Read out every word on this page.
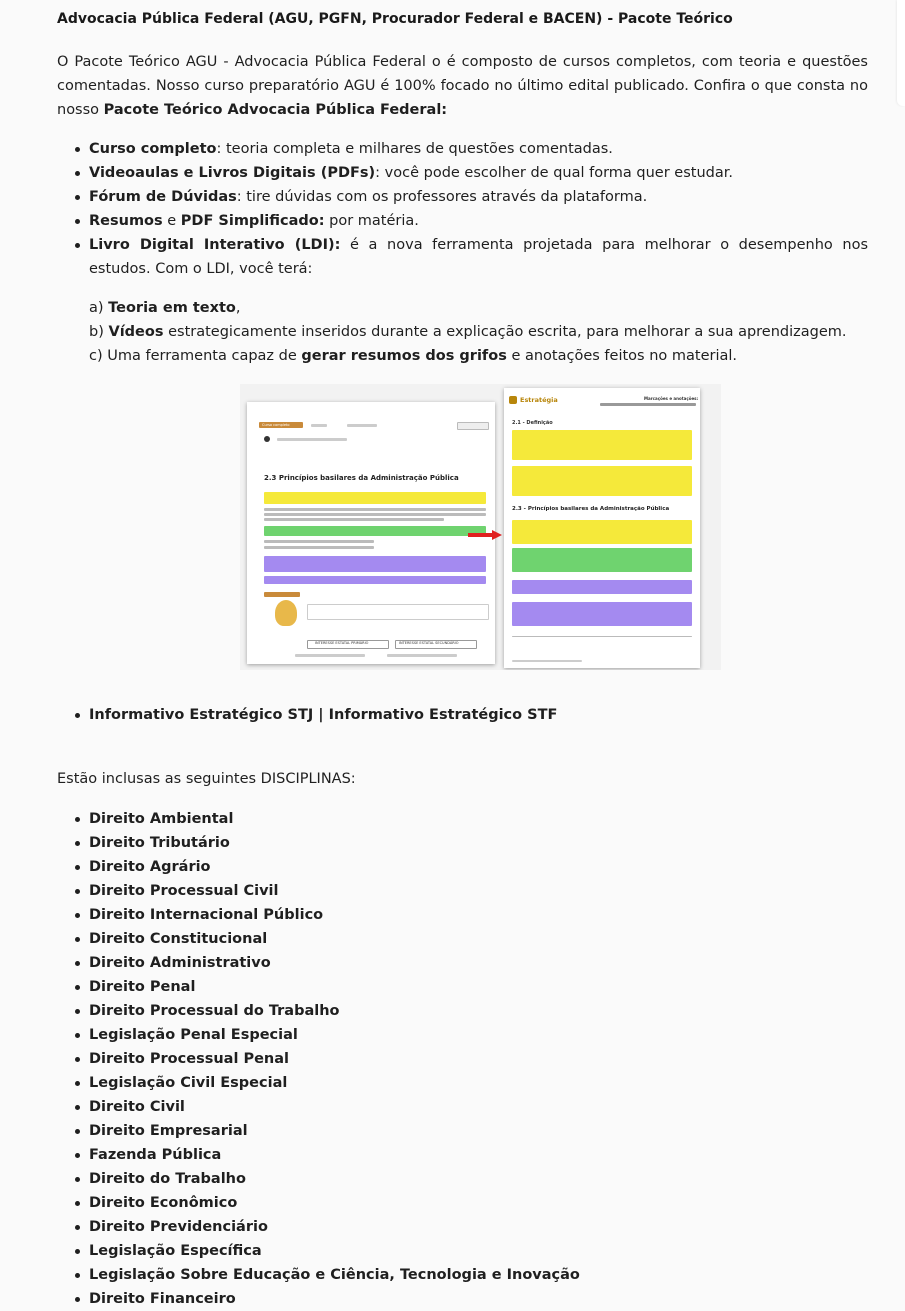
Advocacia Pública Federal (AGU, PGFN, Procurador Federal e BACEN) - Pacote Teórico

O Pacote Teórico AGU - Advocacia Pública Federal o é composto de cursos completos, com teoria e questões comentadas. Nosso curso preparatório AGU é 100% focado no último edital publicado. Confira o que consta no nosso Pacote Teórico Advocacia Pública Federal:

Curso completo: teoria completa e milhares de questões comentadas.
Videoaulas e Livros Digitais (PDFs): você pode escolher de qual forma quer estudar.
Fórum de Dúvidas: tire dúvidas com os professores através da plataforma.
Resumos e PDF Simplificado: por matéria.
Livro Digital Interativo (LDI): é a nova ferramenta projetada para melhorar o desempenho nos estudos. Com o LDI, você terá:
a) Teoria em texto,
b) Vídeos estrategicamente inseridos durante a explicação escrita, para melhorar a sua aprendizagem.
c) Uma ferramenta capaz de gerar resumos dos grifos e anotações feitos no material.
Curso completo
2.3 Princípios basilares da Administração Pública
INTERESSE ESTATAL PRIMÁRIO	INTERESSE ESTATAL SECUNDÁRIO
Estratégia	Marcações e anotações:
2.1 - Definição
2.3 - Princípios basilares da Administração Pública
Informativo Estratégico STJ | Informativo Estratégico STF
Estão inclusas as seguintes DISCIPLINAS:
Direito Ambiental
Direito Tributário
Direito Agrário
Direito Processual Civil
Direito Internacional Público
Direito Constitucional
Direito Administrativo
Direito Penal
Direito Processual do Trabalho
Legislação Penal Especial
Direito Processual Penal
Legislação Civil Especial
Direito Civil
Direito Empresarial
Fazenda Pública
Direito do Trabalho
Direito Econômico
Direito Previdenciário
Legislação Específica
Legislação Sobre Educação e Ciência, Tecnologia e Inovação
Direito Financeiro
